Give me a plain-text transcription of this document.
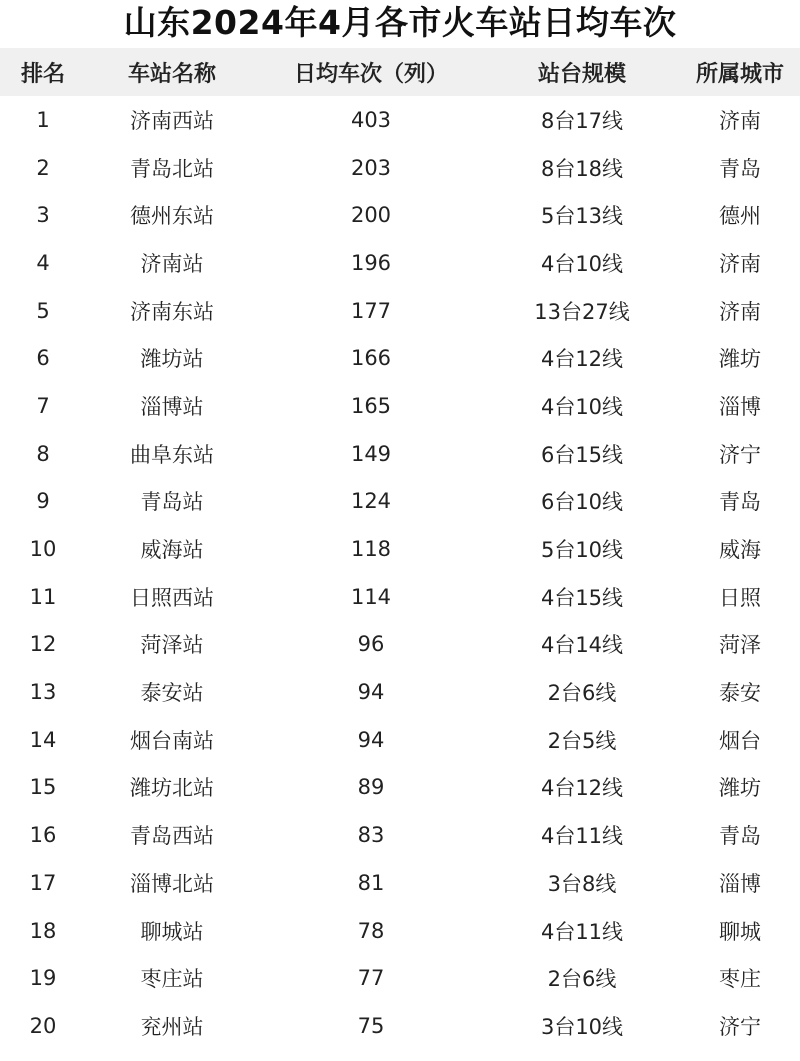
山东2024年4月各市火车站日均车次
排名	车站名称	日均车次（列）	站台规模	所属城市
1	济南西站	403	8台17线	济南
2	青岛北站	203	8台18线	青岛
3	德州东站	200	5台13线	德州
4	济南站	196	4台10线	济南
5	济南东站	177	13台27线	济南
6	潍坊站	166	4台12线	潍坊
7	淄博站	165	4台10线	淄博
8	曲阜东站	149	6台15线	济宁
9	青岛站	124	6台10线	青岛
10	威海站	118	5台10线	威海
11	日照西站	114	4台15线	日照
12	菏泽站	96	4台14线	菏泽
13	泰安站	94	2台6线	泰安
14	烟台南站	94	2台5线	烟台
15	潍坊北站	89	4台12线	潍坊
16	青岛西站	83	4台11线	青岛
17	淄博北站	81	3台8线	淄博
18	聊城站	78	4台11线	聊城
19	枣庄站	77	2台6线	枣庄
20	兖州站	75	3台10线	济宁
